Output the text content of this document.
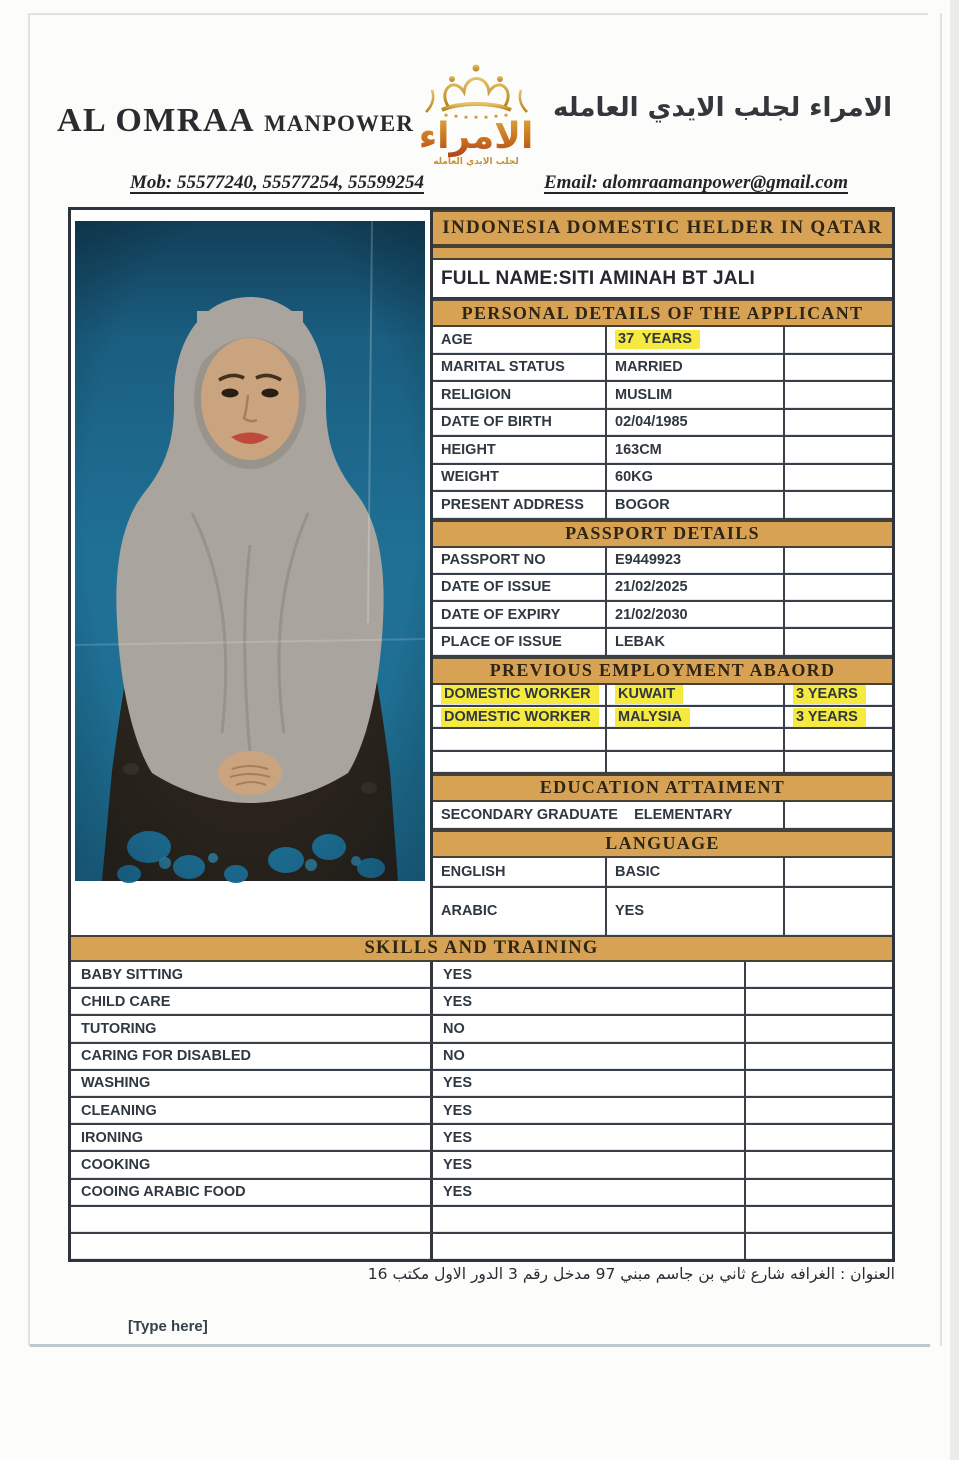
AL OMRAA MANPOWER الامراء
لجلب الايدي العامله
الامراء لجلب الايدي العامله
Mob: 55577240, 55577254, 55599254	Email: alomraamanpower@gmail.com
INDONESIA DOMESTIC HELDER IN QATAR
FULL NAME:SITI AMINAH BT JALI
PERSONAL DETAILS OF THE APPLICANT
AGE	37  YEARS
MARITAL STATUS	MARRIED
RELIGION	MUSLIM
DATE OF BIRTH	02/04/1985
HEIGHT	163CM
WEIGHT	60KG
PRESENT ADDRESS	BOGOR
PASSPORT DETAILS
PASSPORT NO	E9449923
DATE OF ISSUE	21/02/2025
DATE OF EXPIRY	21/02/2030
PLACE OF ISSUE	LEBAK
PREVIOUS EMPLOYMENT ABAORD
DOMESTIC WORKER	KUWAIT	3 YEARS
DOMESTIC WORKER	MALYSIA	3 YEARS
EDUCATION ATTAIMENT
SECONDARY GRADUATE    ELEMENTARY
LANGUAGE
ENGLISH	BASIC
ARABIC	YES
SKILLS AND TRAINING
BABY SITTING	YES
CHILD CARE	YES
TUTORING	NO
CARING FOR DISABLED	NO
WASHING	YES
CLEANING	YES
IRONING	YES
COOKING	YES
COOING ARABIC FOOD	YES
العنوان : الغرافه شارع ثاني بن جاسم مبني 97 مدخل رقم 3 الدور الاول مكتب 16
[Type here]
